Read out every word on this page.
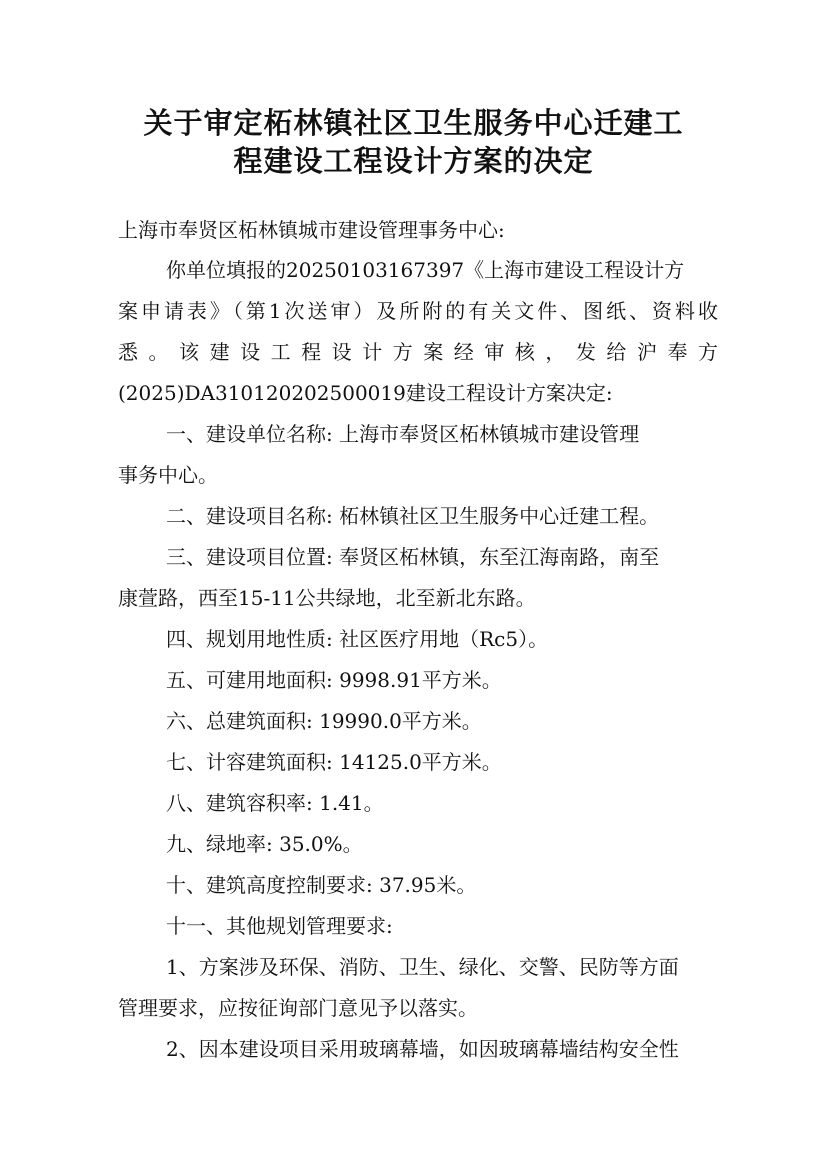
关于审定柘林镇社区卫生服务中心迁建工
程建设工程设计方案的决定
上海市奉贤区柘林镇城市建设管理事务中心:
你单位填报的20250103167397《上海市建设工程设计方
案申请表》（第1次送审）及所附的有关文件、图纸、资料收
悉。该建设工程设计方案经审核，发给沪奉方
(2025)DA310120202500019建设工程设计方案决定:
一、建设单位名称: 上海市奉贤区柘林镇城市建设管理
事务中心。
二、建设项目名称: 柘林镇社区卫生服务中心迁建工程。
三、建设项目位置: 奉贤区柘林镇，东至江海南路，南至
康萱路，西至15-11公共绿地，北至新北东路。
四、规划用地性质: 社区医疗用地（Rc5）。
五、可建用地面积: 9998.91平方米。
六、总建筑面积: 19990.0平方米。
七、计容建筑面积: 14125.0平方米。
八、建筑容积率: 1.41。
九、绿地率: 35.0%。
十、建筑高度控制要求: 37.95米。
十一、其他规划管理要求:
1、方案涉及环保、消防、卫生、绿化、交警、民防等方面
管理要求，应按征询部门意见予以落实。
2、因本建设项目采用玻璃幕墙，如因玻璃幕墙结构安全性
